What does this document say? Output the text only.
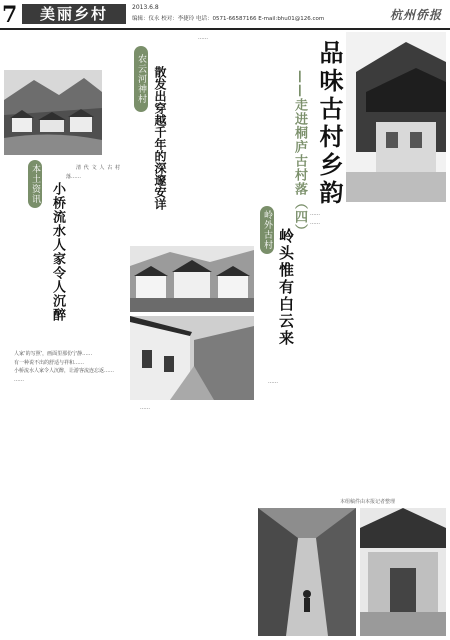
7	美丽乡村	2013.6.8
编辑：仪永 校对：李捷玲 电话：0571-66587166 E-mail:bhu01@126.com	杭州侨报
本土资讯 小桥流水人家令人沉醉

清代文人古村落……

人家‘的写照’，画面里那份宁静……

有一种说不出的舒适与祥和……

小桥流水人家令人沉醉，让游客流连忘返……

……

农云河神村 散发出穿越千年的深邃安详

……

……

品味古村乡韵
——走进桐庐古村落（四）
岭外古村 岭头惟有白云来

……

……

……

本组稿件由本报记者整理
